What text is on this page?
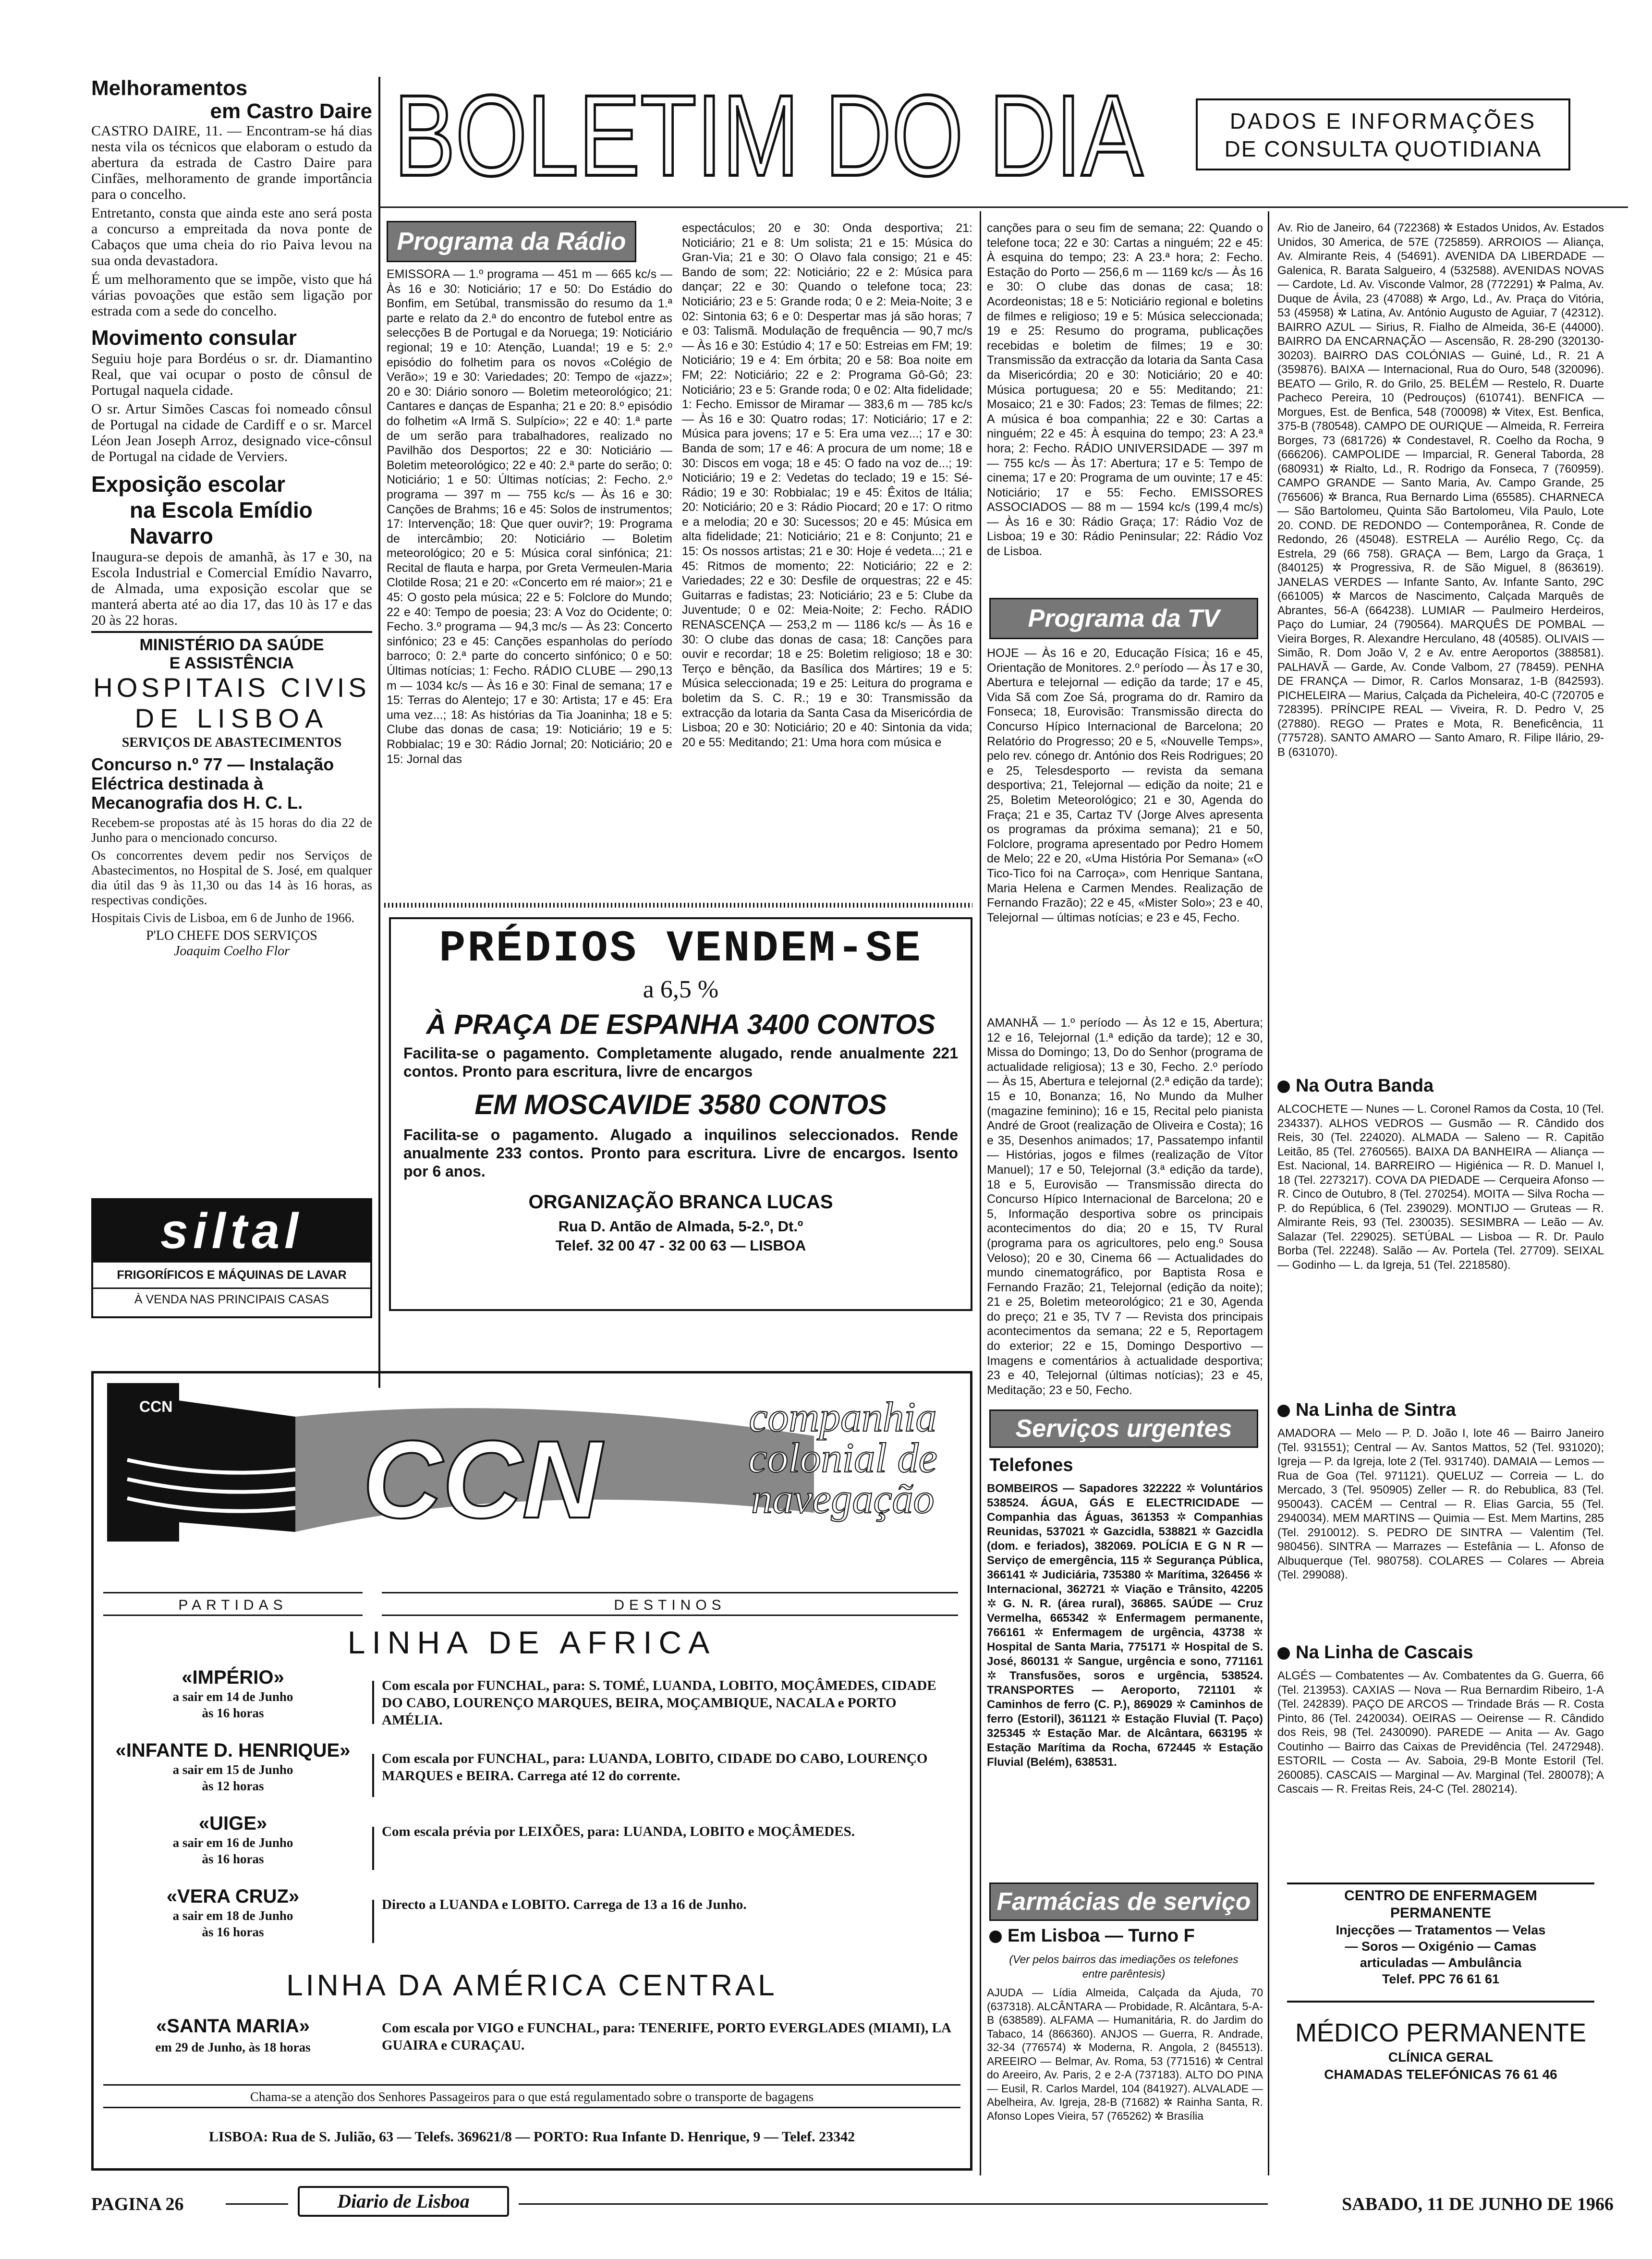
BOLETIM DO DIA	DADOS E INFORMAÇÕES
DE CONSULTA QUOTIDIANA
Melhoramentos
em Castro Daire

CASTRO DAIRE, 11. — Encontram-se há dias nesta vila os técnicos que elaboram o estudo da abertura da estrada de Castro Daire para Cinfães, melhoramento de grande importância para o concelho.

Entretanto, consta que ainda este ano será posta a concurso a empreitada da nova ponte de Cabaços que uma cheia do rio Paiva levou na sua onda devastadora.

É um melhoramento que se impõe, visto que há várias povoações que estão sem ligação por estrada com a sede do concelho.

Movimento consular

Seguiu hoje para Bordéus o sr. dr. Diamantino Real, que vai ocupar o posto de cônsul de Portugal naquela cidade.

O sr. Artur Simões Cascas foi nomeado cônsul de Portugal na cidade de Cardiff e o sr. Marcel Léon Jean Joseph Arroz, designado vice-cônsul de Portugal na cidade de Verviers.

Exposição escolar
na Escola Emídio
Navarro

Inaugura-se depois de amanhã, às 17 e 30, na Escola Industrial e Comercial Emídio Navarro, de Almada, uma exposição escolar que se manterá aberta até ao dia 17, das 10 às 17 e das 20 às 22 horas.

MINISTÉRIO DA SAÚDE
E ASSISTÊNCIA
HOSPITAIS CIVIS
DE LISBOA
SERVIÇOS DE ABASTECIMENTOS
Concurso n.º 77 — Instalação Eléctrica destinada à Mecanografia dos H. C. L.

Recebem-se propostas até às 15 horas do dia 22 de Junho para o mencionado concurso.

Os concorrentes devem pedir nos Serviços de Abastecimentos, no Hospital de S. José, em qualquer dia útil das 9 às 11,30 ou das 14 às 16 horas, as respectivas condições.

Hospitais Civis de Lisboa, em 6 de Junho de 1966.

P'LO CHEFE DOS SERVIÇOS
Joaquim Coelho Flor
siltal
FRIGORÍFICOS E MÁQUINAS DE LAVAR
À VENDA NAS PRINCIPAIS CASAS
Programa da Rádio
EMISSORA — 1.º programa — 451 m — 665 kc/s — Às 16 e 30: Noticiário; 17 e 50: Do Estádio do Bonfim, em Setúbal, transmissão do resumo da 1.ª parte e relato da 2.ª do encontro de futebol entre as selecções B de Portugal e da Noruega; 19: Noticiário regional; 19 e 10: Atenção, Luanda!; 19 e 5: 2.º episódio do folhetim para os novos «Colégio de Verão»; 19 e 30: Variedades; 20: Tempo de «jazz»; 20 e 30: Diário sonoro — Boletim meteorológico; 21: Cantares e danças de Espanha; 21 e 20: 8.º episódio do folhetim «A Irmã S. Sulpício»; 22 e 40: 1.ª parte de um serão para trabalhadores, realizado no Pavilhão dos Desportos; 22 e 30: Noticiário — Boletim meteorológico; 22 e 40: 2.ª parte do serão; 0: Noticiário; 1 e 50: Últimas notícias; 2: Fecho. 2.º programa — 397 m — 755 kc/s — Às 16 e 30: Canções de Brahms; 16 e 45: Solos de instrumentos; 17: Intervenção; 18: Que quer ouvir?; 19: Programa de intercâmbio; 20: Noticiário — Boletim meteorológico; 20 e 5: Música coral sinfónica; 21: Recital de flauta e harpa, por Greta Vermeulen-Maria Clotilde Rosa; 21 e 20: «Concerto em ré maior»; 21 e 45: O gosto pela música; 22 e 5: Folclore do Mundo; 22 e 40: Tempo de poesia; 23: A Voz do Ocidente; 0: Fecho. 3.º programa — 94,3 mc/s — Às 23: Concerto sinfónico; 23 e 45: Canções espanholas do período barroco; 0: 2.ª parte do concerto sinfónico; 0 e 50: Últimas notícias; 1: Fecho. RÁDIO CLUBE — 290,13 m — 1034 kc/s — Às 16 e 30: Final de semana; 17 e 15: Terras do Alentejo; 17 e 30: Artista; 17 e 45: Era uma vez...; 18: As histórias da Tia Joaninha; 18 e 5: Clube das donas de casa; 19: Noticiário; 19 e 5: Robbialac; 19 e 30: Rádio Jornal; 20: Noticiário; 20 e 15: Jornal das
espectáculos; 20 e 30: Onda desportiva; 21: Noticiário; 21 e 8: Um solista; 21 e 15: Música do Gran-Via; 21 e 30: O Olavo fala consigo; 21 e 45: Bando de som; 22: Noticiário; 22 e 2: Música para dançar; 22 e 30: Quando o telefone toca; 23: Noticiário; 23 e 5: Grande roda; 0 e 2: Meia-Noite; 3 e 02: Sintonia 63; 6 e 0: Despertar mas já são horas; 7 e 03: Talismã. Modulação de frequência — 90,7 mc/s — Às 16 e 30: Estúdio 4; 17 e 50: Estreias em FM; 19: Noticiário; 19 e 4: Em órbita; 20 e 58: Boa noite em FM; 22: Noticiário; 22 e 2: Programa Gô-Gô; 23: Noticiário; 23 e 5: Grande roda; 0 e 02: Alta fidelidade; 1: Fecho. Emissor de Miramar — 383,6 m — 785 kc/s — Às 16 e 30: Quatro rodas; 17: Noticiário; 17 e 2: Música para jovens; 17 e 5: Era uma vez...; 17 e 30: Banda de som; 17 e 46: A procura de um nome; 18 e 30: Discos em voga; 18 e 45: O fado na voz de...; 19: Noticiário; 19 e 2: Vedetas do teclado; 19 e 15: Sé-Rádio; 19 e 30: Robbialac; 19 e 45: Êxitos de Itália; 20: Noticiário; 20 e 3: Rádio Piocard; 20 e 17: O ritmo e a melodia; 20 e 30: Sucessos; 20 e 45: Música em alta fidelidade; 21: Noticiário; 21 e 8: Conjunto; 21 e 15: Os nossos artistas; 21 e 30: Hoje é vedeta...; 21 e 45: Ritmos de momento; 22: Noticiário; 22 e 2: Variedades; 22 e 30: Desfile de orquestras; 22 e 45: Guitarras e fadistas; 23: Noticiário; 23 e 5: Clube da Juventude; 0 e 02: Meia-Noite; 2: Fecho. RÁDIO RENASCENÇA — 253,2 m — 1186 kc/s — Às 16 e 30: O clube das donas de casa; 18: Canções para ouvir e recordar; 18 e 25: Boletim religioso; 18 e 30: Terço e bênção, da Basílica dos Mártires; 19 e 5: Música seleccionada; 19 e 25: Leitura do programa e boletim da S. C. R.; 19 e 30: Transmissão da extracção da lotaria da Santa Casa da Misericórdia de Lisboa; 20 e 30: Noticiário; 20 e 40: Sintonia da vida; 20 e 55: Meditando; 21: Uma hora com música e
canções para o seu fim de semana; 22: Quando o telefone toca; 22 e 30: Cartas a ninguém; 22 e 45: À esquina do tempo; 23: A 23.ª hora; 2: Fecho. Estação do Porto — 256,6 m — 1169 kc/s — Às 16 e 30: O clube das donas de casa; 18: Acordeonistas; 18 e 5: Noticiário regional e boletins de filmes e religioso; 19 e 5: Música seleccionada; 19 e 25: Resumo do programa, publicações recebidas e boletim de filmes; 19 e 30: Transmissão da extracção da lotaria da Santa Casa da Misericórdia; 20 e 30: Noticiário; 20 e 40: Música portuguesa; 20 e 55: Meditando; 21: Mosaico; 21 e 30: Fados; 23: Temas de filmes; 22: A música é boa companhia; 22 e 30: Cartas a ninguém; 22 e 45: À esquina do tempo; 23: A 23.ª hora; 2: Fecho. RÁDIO UNIVERSIDADE — 397 m — 755 kc/s — Às 17: Abertura; 17 e 5: Tempo de cinema; 17 e 20: Programa de um ouvinte; 17 e 45: Noticiário; 17 e 55: Fecho. EMISSORES ASSOCIADOS — 88 m — 1594 kc/s (199,4 mc/s) — Às 16 e 30: Rádio Graça; 17: Rádio Voz de Lisboa; 19 e 30: Rádio Peninsular; 22: Rádio Voz de Lisboa.
Programa da TV
HOJE — Às 16 e 20, Educação Física; 16 e 45, Orientação de Monitores. 2.º período — Às 17 e 30, Abertura e telejornal — edição da tarde; 17 e 45, Vida Sã com Zoe Sá, programa do dr. Ramiro da Fonseca; 18, Eurovisão: Transmissão directa do Concurso Hípico Internacional de Barcelona; 20 Relatório do Progresso; 20 e 5, «Nouvelle Temps», pelo rev. cónego dr. António dos Reis Rodrigues; 20 e 25, Telesdesporto — revista da semana desportiva; 21, Telejornal — edição da noite; 21 e 25, Boletim Meteorológico; 21 e 30, Agenda do Fraça; 21 e 35, Cartaz TV (Jorge Alves apresenta os programas da próxima semana); 21 e 50, Folclore, programa apresentado por Pedro Homem de Melo; 22 e 20, «Uma História Por Semana» («O Tico-Tico foi na Carroça», com Henrique Santana, Maria Helena e Carmen Mendes. Realização de Fernando Frazão); 22 e 45, «Mister Solo»; 23 e 40, Telejornal — últimas notícias; e 23 e 45, Fecho.
AMANHÃ — 1.º período — Às 12 e 15, Abertura; 12 e 16, Telejornal (1.ª edição da tarde); 12 e 30, Missa do Domingo; 13, Do do Senhor (programa de actualidade religiosa); 13 e 30, Fecho. 2.º período — Às 15, Abertura e telejornal (2.ª edição da tarde); 15 e 10, Bonanza; 16, No Mundo da Mulher (magazine feminino); 16 e 15, Recital pelo pianista André de Groot (realização de Oliveira e Costa); 16 e 35, Desenhos animados; 17, Passatempo infantil — Histórias, jogos e filmes (realização de Vítor Manuel); 17 e 50, Telejornal (3.ª edição da tarde), 18 e 5, Eurovisão — Transmissão directa do Concurso Hípico Internacional de Barcelona; 20 e 5, Informação desportiva sobre os principais acontecimentos do dia; 20 e 15, TV Rural (programa para os agricultores, pelo eng.º Sousa Veloso); 20 e 30, Cinema 66 — Actualidades do mundo cinematográfico, por Baptista Rosa e Fernando Frazão; 21, Telejornal (edição da noite); 21 e 25, Boletim meteorológico; 21 e 30, Agenda do preço; 21 e 35, TV 7 — Revista dos principais acontecimentos da semana; 22 e 5, Reportagem do exterior; 22 e 15, Domingo Desportivo — Imagens e comentários à actualidade desportiva; 23 e 40, Telejornal (últimas notícias); 23 e 45, Meditação; 23 e 50, Fecho.
Serviços urgentes
Telefones
BOMBEIROS — Sapadores 322222 ✲ Voluntários 538524. ÁGUA, GÁS E ELECTRICIDADE — Companhia das Águas, 361353 ✲ Companhias Reunidas, 537021 ✲ Gazcidla, 538821 ✲ Gazcidla (dom. e feriados), 382069. POLÍCIA E G N R — Serviço de emergência, 115 ✲ Segurança Pública, 366141 ✲ Judiciária, 735380 ✲ Marítima, 326456 ✲ Internacional, 362721 ✲ Viação e Trânsito, 42205 ✲ G. N. R. (área rural), 36865. SAÚDE — Cruz Vermelha, 665342 ✲ Enfermagem permanente, 766161 ✲ Enfermagem de urgência, 43738 ✲ Hospital de Santa Maria, 775171 ✲ Hospital de S. José, 860131 ✲ Sangue, urgência e sono, 771161 ✲ Transfusões, soros e urgência, 538524. TRANSPORTES — Aeroporto, 721101 ✲ Caminhos de ferro (C. P.), 869029 ✲ Caminhos de ferro (Estoril), 361121 ✲ Estação Fluvial (T. Paço) 325345 ✲ Estação Mar. de Alcântara, 663195 ✲ Estação Marítima da Rocha, 672445 ✲ Estação Fluvial (Belém), 638531.
Farmácias de serviço
Em Lisboa — Turno F
(Ver pelos bairros das imediações os telefones entre parêntesis)
AJUDA — Lídia Almeida, Calçada da Ajuda, 70 (637318). ALCÂNTARA — Probidade, R. Alcântara, 5-A-B (638589). ALFAMA — Humanitária, R. do Jardim do Tabaco, 14 (866360). ANJOS — Guerra, R. Andrade, 32-34 (776574) ✲ Moderna, R. Angola, 2 (845513). AREEIRO — Belmar, Av. Roma, 53 (771516) ✲ Central do Areeiro, Av. Paris, 2 e 2-A (737183). ALTO DO PINA — Eusil, R. Carlos Mardel, 104 (841927). ALVALADE — Abelheira, Av. Igreja, 28-B (71682) ✲ Rainha Santa, R. Afonso Lopes Vieira, 57 (765262) ✲ Brasília
Av. Rio de Janeiro, 64 (722368) ✲ Estados Unidos, Av. Estados Unidos, 30 America, de 57E (725859). ARROIOS — Aliança, Av. Almirante Reis, 4 (54691). AVENIDA DA LIBERDADE — Galenica, R. Barata Salgueiro, 4 (532588). AVENIDAS NOVAS — Cardote, Ld. Av. Visconde Valmor, 28 (772291) ✲ Palma, Av. Duque de Ávila, 23 (47088) ✲ Argo, Ld., Av. Praça do Vitória, 53 (45958) ✲ Latina, Av. António Augusto de Aguiar, 7 (42312). BAIRRO AZUL — Sirius, R. Fialho de Almeida, 36-E (44000). BAIRRO DA ENCARNAÇÃO — Ascensão, R. 28-290 (320130-30203). BAIRRO DAS COLÓNIAS — Guiné, Ld., R. 21 A (359876). BAIXA — Internacional, Rua do Ouro, 548 (320096). BEATO — Grilo, R. do Grilo, 25. BELÉM — Restelo, R. Duarte Pacheco Pereira, 10 (Pedrouços) (610741). BENFICA — Morgues, Est. de Benfica, 548 (700098) ✲ Vitex, Est. Benfica, 375-B (780548). CAMPO DE OURIQUE — Almeida, R. Ferreira Borges, 73 (681726) ✲ Condestavel, R. Coelho da Rocha, 9 (666206). CAMPOLIDE — Imparcial, R. General Taborda, 28 (680931) ✲ Rialto, Ld., R. Rodrigo da Fonseca, 7 (760959). CAMPO GRANDE — Santo Maria, Av. Campo Grande, 25 (765606) ✲ Branca, Rua Bernardo Lima (65585). CHARNECA — São Bartolomeu, Quinta São Bartolomeu, Vila Paulo, Lote 20. COND. DE REDONDO — Contemporânea, R. Conde de Redondo, 26 (45048). ESTRELA — Aurélio Rego, Cç. da Estrela, 29 (66 758). GRAÇA — Bem, Largo da Graça, 1 (840125) ✲ Progressiva, R. de São Miguel, 8 (863619). JANELAS VERDES — Infante Santo, Av. Infante Santo, 29C (661005) ✲ Marcos de Nascimento, Calçada Marquês de Abrantes, 56-A (664238). LUMIAR — Paulmeiro Herdeiros, Paço do Lumiar, 24 (790564). MARQUÊS DE POMBAL — Vieira Borges, R. Alexandre Herculano, 48 (40585). OLIVAIS — Simão, R. Dom João V, 2 e Av. entre Aeroportos (388581). PALHAVÃ — Garde, Av. Conde Valbom, 27 (78459). PENHA DE FRANÇA — Dimor, R. Carlos Monsaraz, 1-B (842593). PICHELEIRA — Marius, Calçada da Picheleira, 40-C (720705 e 728395). PRÍNCIPE REAL — Viveira, R. D. Pedro V, 25 (27880). REGO — Prates e Mota, R. Beneficência, 11 (775728). SANTO AMARO — Santo Amaro, R. Filipe Ilário, 29-B (631070).
Na Outra Banda
ALCOCHETE — Nunes — L. Coronel Ramos da Costa, 10 (Tel. 234337). ALHOS VEDROS — Gusmão — R. Cândido dos Reis, 30 (Tel. 224020). ALMADA — Saleno — R. Capitão Leitão, 85 (Tel. 2760565). BAIXA DA BANHEIRA — Aliança — Est. Nacional, 14. BARREIRO — Higiénica — R. D. Manuel I, 18 (Tel. 2273217). COVA DA PIEDADE — Cerqueira Afonso — R. Cinco de Outubro, 8 (Tel. 270254). MOITA — Silva Rocha — P. do República, 6 (Tel. 239029). MONTIJO — Gruteas — R. Almirante Reis, 93 (Tel. 230035). SESIMBRA — Leão — Av. Salazar (Tel. 229025). SETÚBAL — Lisboa — R. Dr. Paulo Borba (Tel. 22248). Salão — Av. Portela (Tel. 27709). SEIXAL — Godinho — L. da Igreja, 51 (Tel. 2218580).
Na Linha de Sintra
AMADORA — Melo — P. D. João I, lote 46 — Bairro Janeiro (Tel. 931551); Central — Av. Santos Mattos, 52 (Tel. 931020); Igreja — P. da Igreja, lote 2 (Tel. 931740). DAMAIA — Lemos — Rua de Goa (Tel. 971121). QUELUZ — Correia — L. do Mercado, 3 (Tel. 950905) Zeller — R. do Rebublica, 83 (Tel. 950043). CACÉM — Central — R. Elias Garcia, 55 (Tel. 2940034). MEM MARTINS — Quimia — Est. Mem Martins, 285 (Tel. 2910012). S. PEDRO DE SINTRA — Valentim (Tel. 980456). SINTRA — Marrazes — Estefânia — L. Afonso de Albuquerque (Tel. 980758). COLARES — Colares — Abreia (Tel. 299088).
Na Linha de Cascais
ALGÉS — Combatentes — Av. Combatentes da G. Guerra, 66 (Tel. 213953). CAXIAS — Nova — Rua Bernardim Ribeiro, 1-A (Tel. 242839). PAÇO DE ARCOS — Trindade Brás — R. Costa Pinto, 86 (Tel. 2420034). OEIRAS — Oeirense — R. Cândido dos Reis, 98 (Tel. 2430090). PAREDE — Anita — Av. Gago Coutinho — Bairro das Caixas de Previdência (Tel. 2472948). ESTORIL — Costa — Av. Saboia, 29-B Monte Estoril (Tel. 260085). CASCAIS — Marginal — Av. Marginal (Tel. 280078); A Cascais — R. Freitas Reis, 24-C (Tel. 280214).
CENTRO DE ENFERMAGEM
PERMANENTE
Injecções — Tratamentos — Velas
— Soros — Oxigénio — Camas
articuladas — Ambulância
Telef. PPC 76 61 61
MÉDICO PERMANENTE
CLÍNICA GERAL
CHAMADAS TELEFÓNICAS 76 61 46
PRÉDIOS VENDEM-SE
a 6,5 %
À PRAÇA DE ESPANHA 3400 CONTOS
Facilita-se o pagamento. Completamente alugado, rende anualmente 221 contos. Pronto para escritura, livre de encargos
EM MOSCAVIDE 3580 CONTOS
Facilita-se o pagamento. Alugado a inquilinos seleccionados. Rende anualmente 233 contos. Pronto para escritura. Livre de encargos. Isento por 6 anos.
ORGANIZAÇÃO BRANCA LUCAS
Rua D. Antão de Almada, 5-2.º, Dt.º
Telef. 32 00 47 - 32 00 63 — LISBOA
CCN
CCN
companhia
colonial de
navegação
PARTIDAS	DESTINOS
LINHA DE AFRICA
«IMPÉRIO»
a sair em 14 de Junho
às 16 horas
Com escala por FUNCHAL, para: S. TOMÉ, LUANDA, LOBITO, MOÇÂMEDES, CIDADE DO CABO, LOURENÇO MARQUES, BEIRA, MOÇAMBIQUE, NACALA e PORTO AMÉLIA.
«INFANTE D. HENRIQUE»
a sair em 15 de Junho
às 12 horas
Com escala por FUNCHAL, para: LUANDA, LOBITO, CIDADE DO CABO, LOURENÇO MARQUES e BEIRA. Carrega até 12 do corrente.
«UIGE»
a sair em 16 de Junho
às 16 horas
Com escala prévia por LEIXÕES, para: LUANDA, LOBITO e MOÇÂMEDES.
«VERA CRUZ»
a sair em 18 de Junho
às 16 horas
Directo a LUANDA e LOBITO. Carrega de 13 a 16 de Junho.
LINHA DA AMÉRICA CENTRAL
«SANTA MARIA»
em 29 de Junho, às 18 horas
Com escala por VIGO e FUNCHAL, para: TENERIFE, PORTO EVERGLADES (MIAMI), LA GUAIRA e CURAÇAU.
Chama-se a atenção dos Senhores Passageiros para o que está regulamentado sobre o transporte de bagagens
LISBOA: Rua de S. Julião, 63 — Telefs. 369621/8 — PORTO: Rua Infante D. Henrique, 9 — Telef. 23342
PAGINA 26	Diario de Lisboa	SABADO, 11 DE JUNHO DE 1966
